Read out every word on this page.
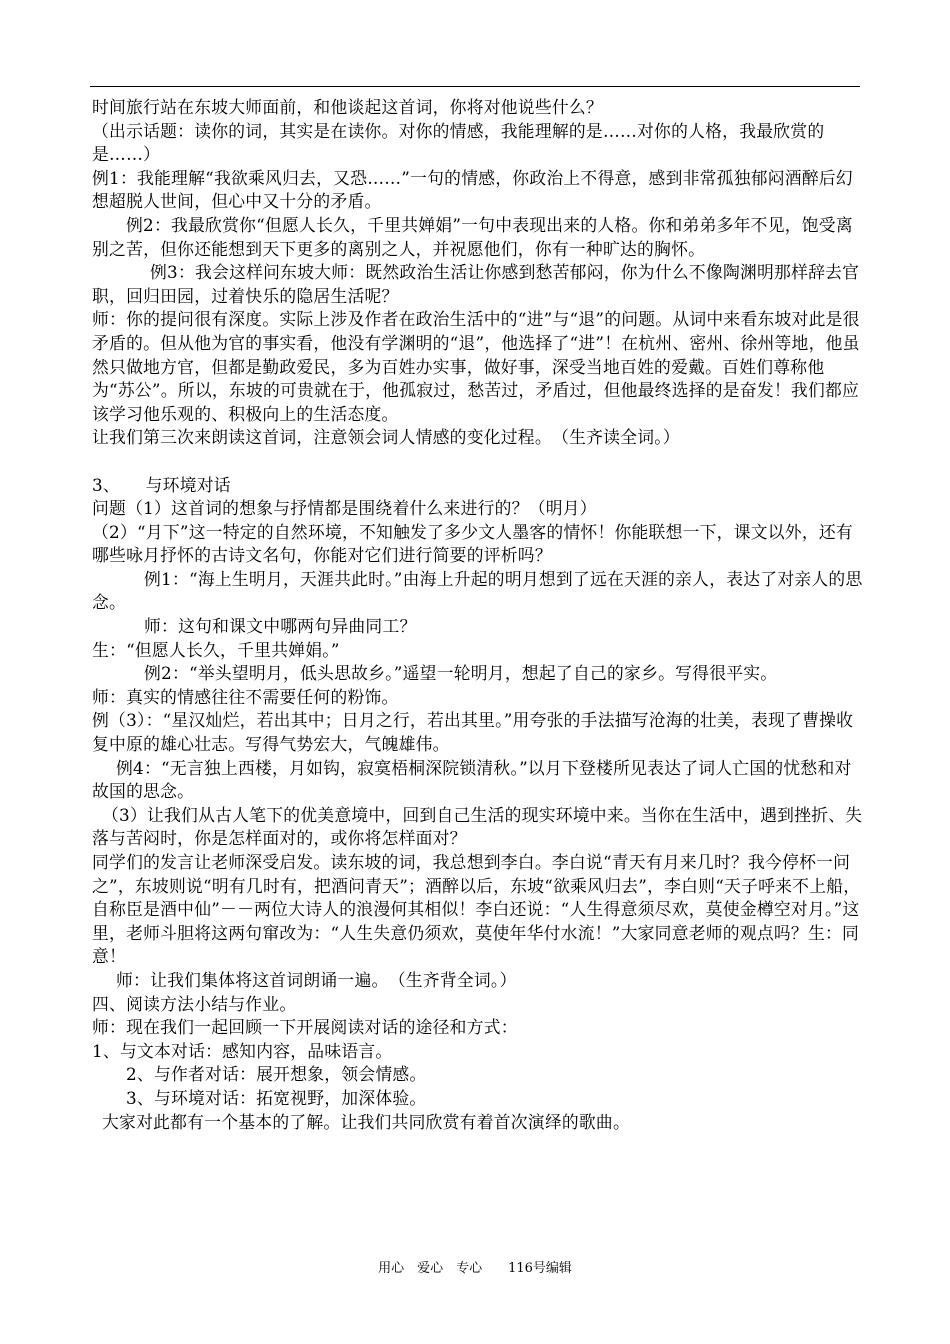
时间旅行站在东坡大师面前，和他谈起这首词，你将对他说些什么？

（出示话题：读你的词，其实是在读你。对你的情感，我能理解的是……对你的人格，我最欣赏的是……）

例1：我能理解“我欲乘风归去，又恐……”一句的情感，你政治上不得意，感到非常孤独郁闷酒醉后幻想超脱人世间，但心中又十分的矛盾。

例2：我最欣赏你“但愿人长久，千里共婵娟”一句中表现出来的人格。你和弟弟多年不见，饱受离别之苦，但你还能想到天下更多的离别之人，并祝愿他们，你有一种旷达的胸怀。

例3：我会这样问东坡大师：既然政治生活让你感到愁苦郁闷，你为什么不像陶渊明那样辞去官职，回归田园，过着快乐的隐居生活呢？

师：你的提问很有深度。实际上涉及作者在政治生活中的“进”与“退”的问题。从词中来看东坡对此是很矛盾的。但从他为官的事实看，他没有学渊明的“退”，他选择了“进”！在杭州、密州、徐州等地，他虽然只做地方官，但都是勤政爱民，多为百姓办实事，做好事，深受当地百姓的爱戴。百姓们尊称他为“苏公”。所以，东坡的可贵就在于，他孤寂过，愁苦过，矛盾过，但他最终选择的是奋发！我们都应该学习他乐观的、积极向上的生活态度。

让我们第三次来朗读这首词，注意领会词人情感的变化过程。　（生齐读全词。）

3、　　与环境对话

问题（1）这首词的想象与抒情都是围绕着什么来进行的？（明月）

（2）“月下”这一特定的自然环境，不知触发了多少文人墨客的情怀！你能联想一下，课文以外，还有哪些咏月抒怀的古诗文名句，你能对它们进行简要的评析吗？

例1：“海上生明月，天涯共此时。”由海上升起的明月想到了远在天涯的亲人，表达了对亲人的思念。

师：这句和课文中哪两句异曲同工？

生：“但愿人长久，千里共婵娟。”

例2：“举头望明月，低头思故乡。”遥望一轮明月，想起了自己的家乡。写得很平实。

师：真实的情感往往不需要任何的粉饰。

例（3）：“星汉灿烂，若出其中；日月之行，若出其里。”用夸张的手法描写沧海的壮美，表现了曹操收复中原的雄心壮志。写得气势宏大，气魄雄伟。

例4：“无言独上西楼，月如钩，寂寞梧桐深院锁清秋。”以月下登楼所见表达了词人亡国的忧愁和对故国的思念。

（3）让我们从古人笔下的优美意境中，回到自己生活的现实环境中来。当你在生活中，遇到挫折、失落与苦闷时，你是怎样面对的，或你将怎样面对？

同学们的发言让老师深受启发。读东坡的词，我总想到李白。李白说“青天有月来几时？我今停杯一问之”，东坡则说“明有几时有，把酒问青天”；酒醉以后，东坡“欲乘风归去”，李白则“天子呼来不上船，自称臣是酒中仙”－－两位大诗人的浪漫何其相似！李白还说：“人生得意须尽欢，莫使金樽空对月。”这里，老师斗胆将这两句窜改为：“人生失意仍须欢，莫使年华付水流！”大家同意老师的观点吗？生：同意！

师：让我们集体将这首词朗诵一遍。　（生齐背全词。）

四、阅读方法小结与作业。

师：现在我们一起回顾一下开展阅读对话的途径和方式：

1、与文本对话：感知内容，品味语言。

2、与作者对话：展开想象，领会情感。

3、与环境对话：拓宽视野，加深体验。

大家对此都有一个基本的了解。让我们共同欣赏有着首次演绎的歌曲。

用心　爱心　专心　　116号编辑
